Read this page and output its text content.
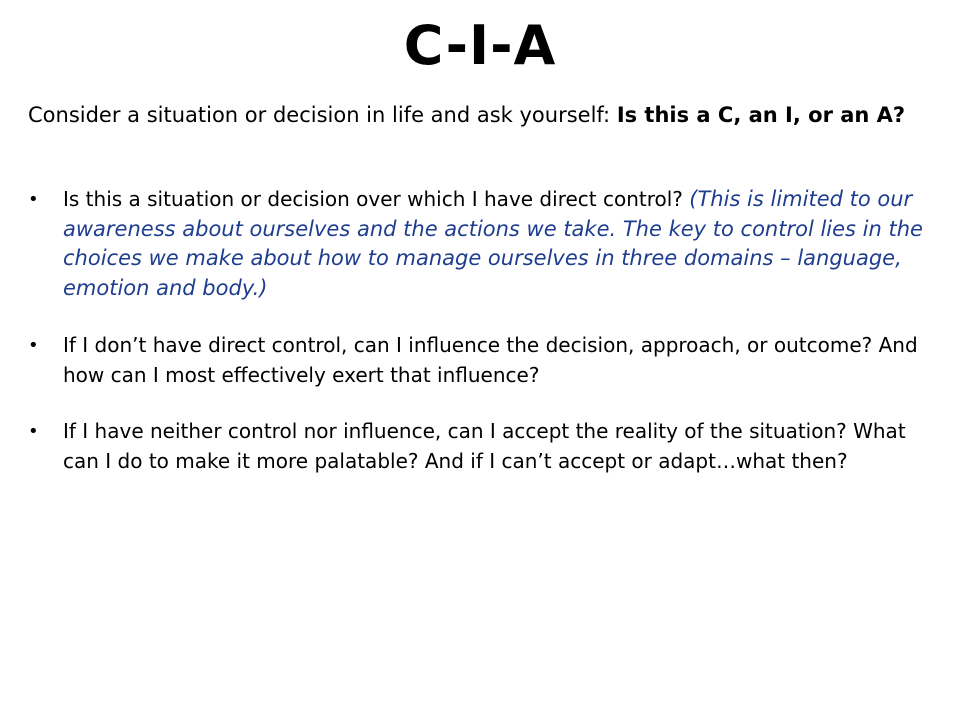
C-I-A
Consider a situation or decision in life and ask yourself: Is this a C, an I, or an A?
•	Is this a situation or decision over which I have direct control? (This is limited to our awareness about ourselves and the actions we take. The key to control lies in the choices we make about how to manage ourselves in three domains – language, emotion and body.)
•	If I don’t have direct control, can I influence the decision, approach, or outcome? And how can I most effectively exert that influence?
•	If I have neither control nor influence, can I accept the reality of the situation? What can I do to make it more palatable? And if I can’t accept or adapt…what then?
